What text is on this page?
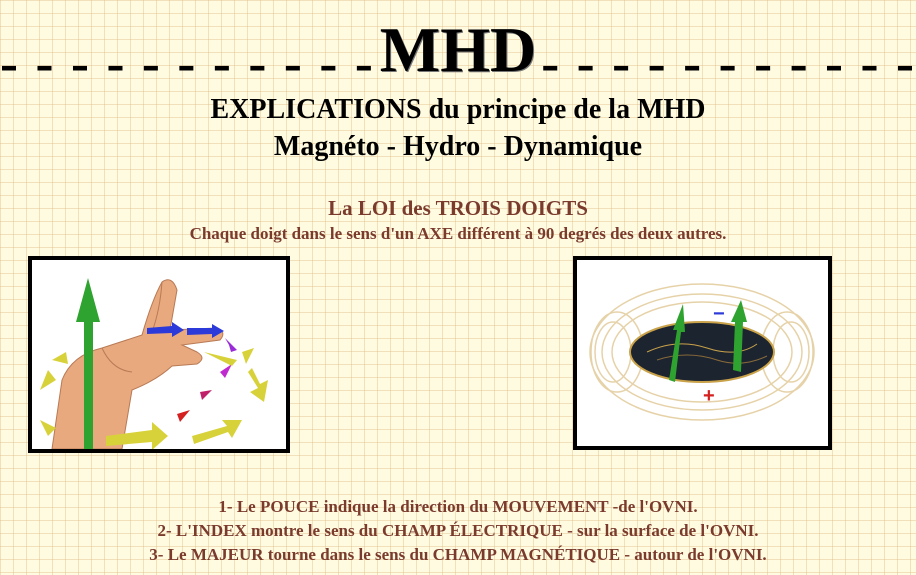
- - - - - - - - - - - MHD - - - - - - - - - - -
EXPLICATIONS du principe de la MHD
Magnéto - Hydro - Dynamique
La LOI des TROIS DOIGTS
Chaque doigt dans le sens d'un AXE différent à 90 degrés des deux autres.
−
+
1- Le POUCE indique la direction du MOUVEMENT -de l'OVNI.
2- L'INDEX montre le sens du CHAMP ÉLECTRIQUE - sur la surface de l'OVNI.
3- Le MAJEUR tourne dans le sens du CHAMP MAGNÉTIQUE - autour de l'OVNI.
